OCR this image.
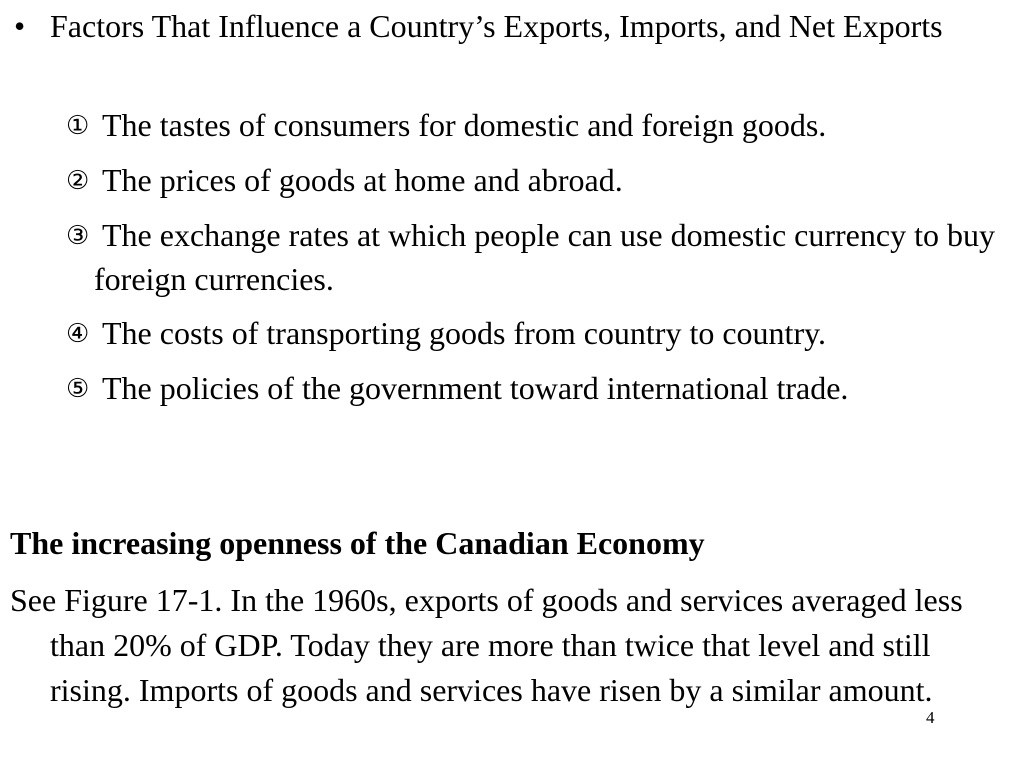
• Factors That Influence a Country’s Exports, Imports, and Net Exports
① The tastes of consumers for domestic and foreign goods.
② The prices of goods at home and abroad.
③ The exchange rates at which people can use domestic currency to buy foreign currencies.
④ The costs of transporting goods from country to country.
⑤ The policies of the government toward international trade.
The increasing openness of the Canadian Economy
See Figure 17-1. In the 1960s, exports of goods and services averaged less than 20% of GDP. Today they are more than twice that level and still rising. Imports of goods and services have risen by a similar amount.
4
